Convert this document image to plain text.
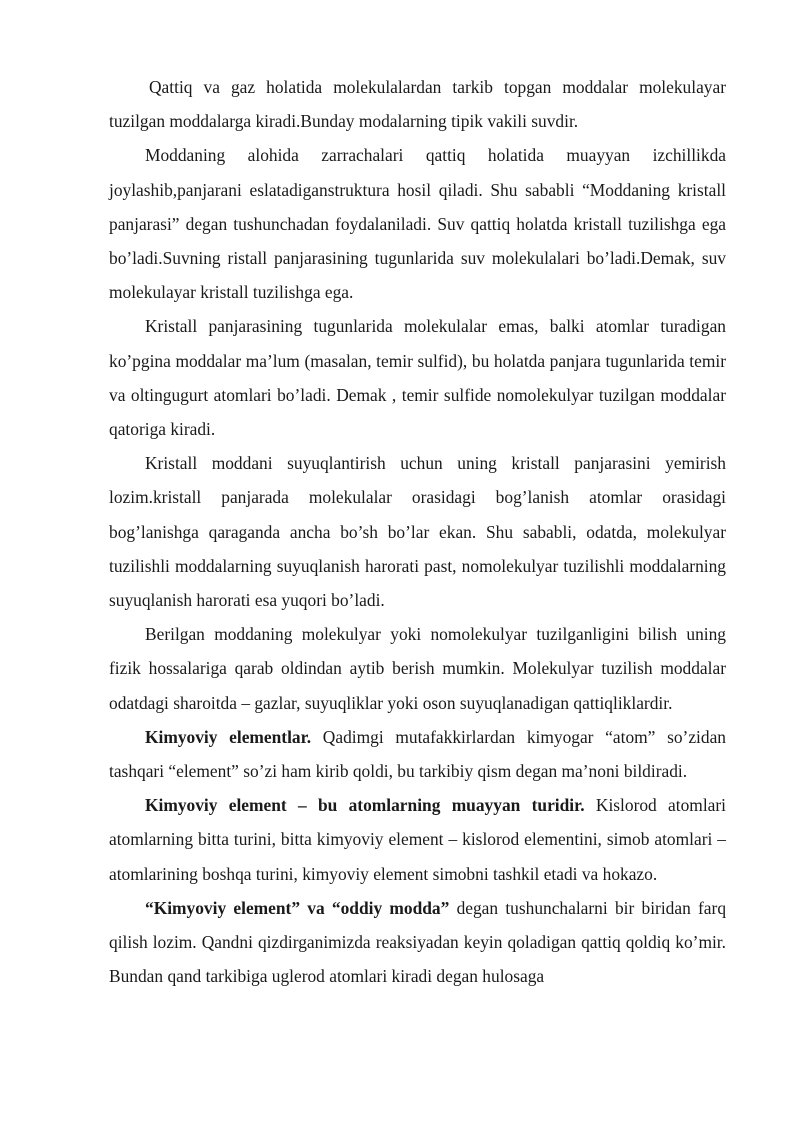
Qattiq va gaz holatida molekulalardan tarkib topgan moddalar molekulayar tuzilgan moddalarga kiradi.Bunday modalarning tipik vakili suvdir.

Moddaning alohida zarrachalari qattiq holatida muayyan izchillikda joylashib,panjarani eslatadiganstruktura hosil qiladi. Shu sababli “Moddaning kristall panjarasi” degan tushunchadan foydalaniladi. Suv qattiq holatda kristall tuzilishga ega bo’ladi.Suvning ristall panjarasining tugunlarida suv molekulalari bo’ladi.Demak, suv molekulayar kristall tuzilishga ega.

Kristall panjarasining tugunlarida molekulalar emas, balki atomlar turadigan ko’pgina moddalar ma’lum (masalan, temir sulfid), bu holatda panjara tugunlarida temir va oltingugurt atomlari bo’ladi. Demak , temir sulfide nomolekulyar tuzilgan moddalar qatoriga kiradi.

Kristall moddani suyuqlantirish uchun uning kristall panjarasini yemirish lozim.kristall panjarada molekulalar orasidagi bog’lanish atomlar orasidagi bog’lanishga qaraganda ancha bo’sh bo’lar ekan. Shu sababli, odatda, molekulyar tuzilishli moddalarning suyuqlanish harorati past, nomolekulyar tuzilishli moddalarning suyuqlanish harorati esa yuqori bo’ladi.

Berilgan moddaning molekulyar yoki nomolekulyar tuzilganligini bilish uning fizik hossalariga qarab oldindan aytib berish mumkin. Molekulyar tuzilish moddalar odatdagi sharoitda – gazlar, suyuqliklar yoki oson suyuqlanadigan qattiqliklardir.

Kimyoviy elementlar. Qadimgi mutafakkirlardan kimyogar “atom” so’zidan tashqari “element” so’zi ham kirib qoldi, bu tarkibiy qism degan ma’noni bildiradi.

Kimyoviy element – bu atomlarning muayyan turidir. Kislorod atomlari atomlarning bitta turini, bitta kimyoviy element – kislorod elementini, simob atomlari – atomlarining boshqa turini, kimyoviy element simobni tashkil etadi va hokazo.

“Kimyoviy element” va “oddiy modda” degan tushunchalarni bir biridan farq qilish lozim. Qandni qizdirganimizda reaksiyadan keyin qoladigan qattiq qoldiq ko’mir. Bundan qand tarkibiga uglerod atomlari kiradi degan hulosaga
